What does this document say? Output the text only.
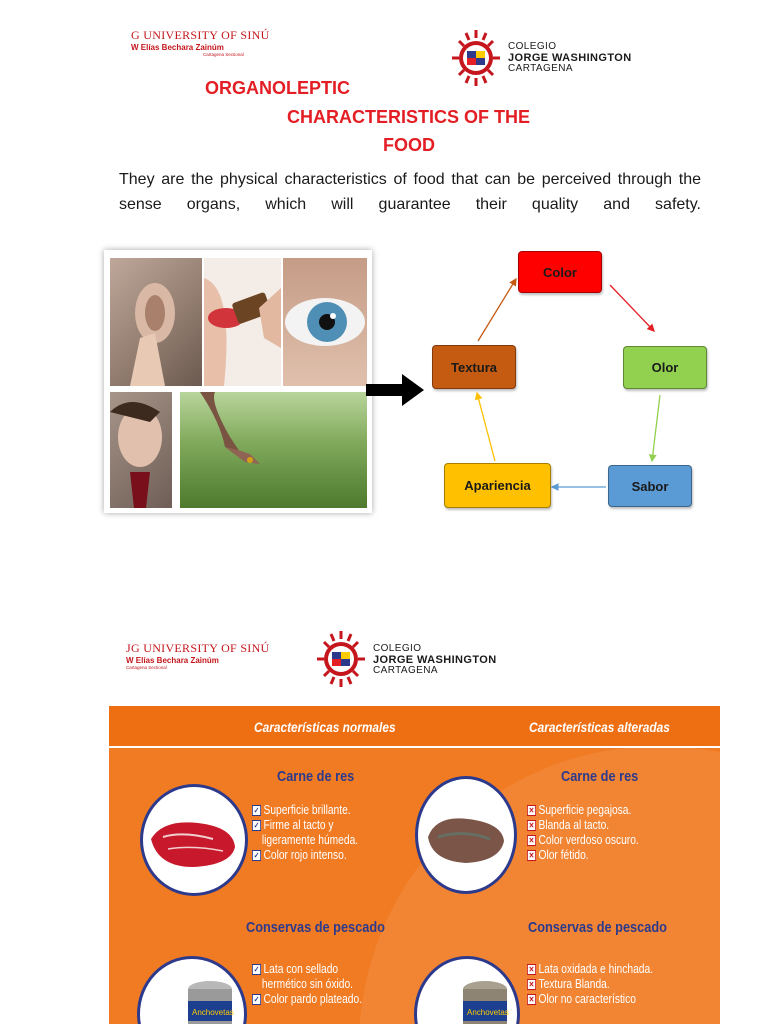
G UNIVERSITY OF SINÚ
W Elías Bechara Zainúm
Cartagena Sectional
COLEGIO
JORGE WASHINGTON
CARTAGENA
ORGANOLEPTIC
CHARACTERISTICS OF THE
FOOD
They are the physical characteristics of food that can be perceived through the sense organs, which will guarantee their quality and safety.
Color
Olor
Sabor
Apariencia
Textura
JG UNIVERSITY OF SINÚ
W Elías Bechara Zainúm
Cartagena Sectional
COLEGIO
JORGE WASHINGTON
CARTAGENA
Características normales	Características alteradas
Carne de res	Carne de res
✓ Superficie brillante.
✓ Firme al tacto y
ligeramente húmeda.
✓ Color rojo intenso.
✕ Superficie pegajosa.
✕ Blanda al tacto.
✕ Color verdoso oscuro.
✕ Olor fétido.
Conservas de pescado	Conservas de pescado
Anchovetas	Anchovetas
✓ Lata con sellado
hermético sin óxido.
✓ Color pardo plateado.
✕ Lata oxidada e hinchada.
✕ Textura Blanda.
✕ Olor no característico
